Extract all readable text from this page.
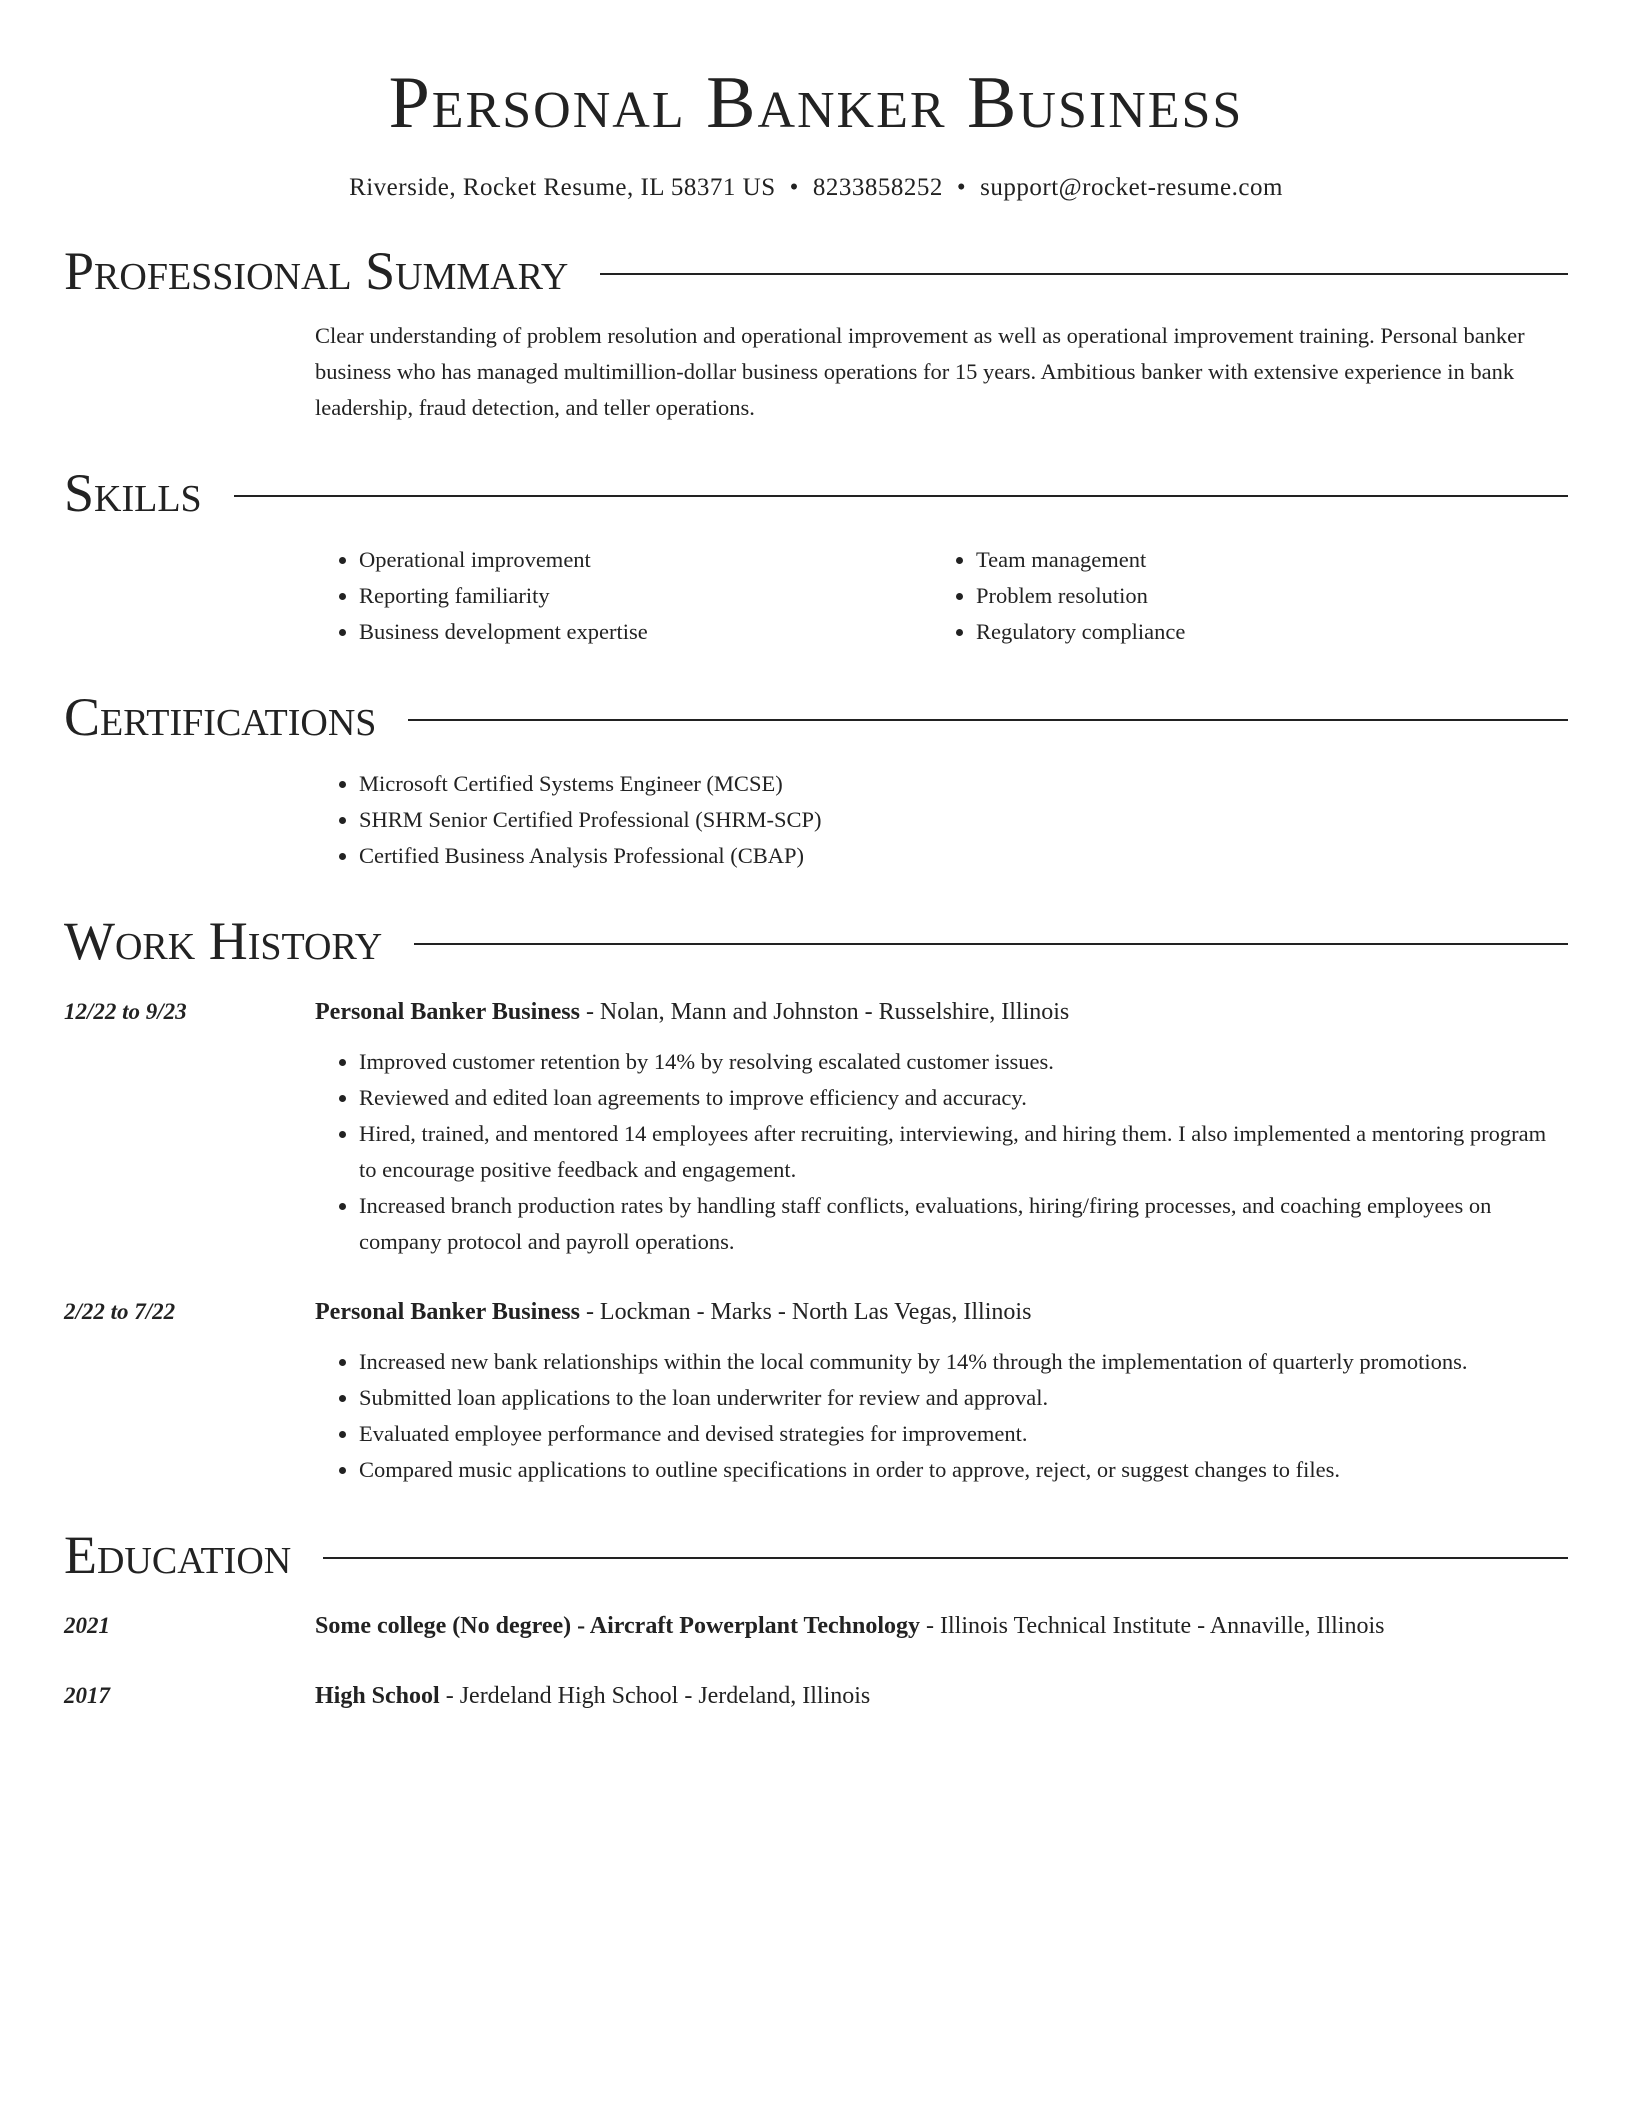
Personal Banker Business
Riverside, Rocket Resume, IL 58371 US • 8233858252 • support@rocket-resume.com
Professional Summary
Clear understanding of problem resolution and operational improvement as well as operational improvement training. Personal banker business who has managed multimillion-dollar business operations for 15 years. Ambitious banker with extensive experience in bank leadership, fraud detection, and teller operations.
Skills
• Operational improvement
• Reporting familiarity
• Business development expertise
• Team management
• Problem resolution
• Regulatory compliance
Certifications
• Microsoft Certified Systems Engineer (MCSE)
• SHRM Senior Certified Professional (SHRM-SCP)
• Certified Business Analysis Professional (CBAP)
Work History
12/22 to 9/23	Personal Banker Business - Nolan, Mann and Johnston - Russelshire, Illinois
• Improved customer retention by 14% by resolving escalated customer issues.
• Reviewed and edited loan agreements to improve efficiency and accuracy.
• Hired, trained, and mentored 14 employees after recruiting, interviewing, and hiring them. I also implemented a mentoring program to encourage positive feedback and engagement.
• Increased branch production rates by handling staff conflicts, evaluations, hiring/firing processes, and coaching employees on company protocol and payroll operations.
2/22 to 7/22	Personal Banker Business - Lockman - Marks - North Las Vegas, Illinois
• Increased new bank relationships within the local community by 14% through the implementation of quarterly promotions.
• Submitted loan applications to the loan underwriter for review and approval.
• Evaluated employee performance and devised strategies for improvement.
• Compared music applications to outline specifications in order to approve, reject, or suggest changes to files.
Education
2021	Some college (No degree) - Aircraft Powerplant Technology - Illinois Technical Institute - Annaville, Illinois
2017	High School - Jerdeland High School - Jerdeland, Illinois
